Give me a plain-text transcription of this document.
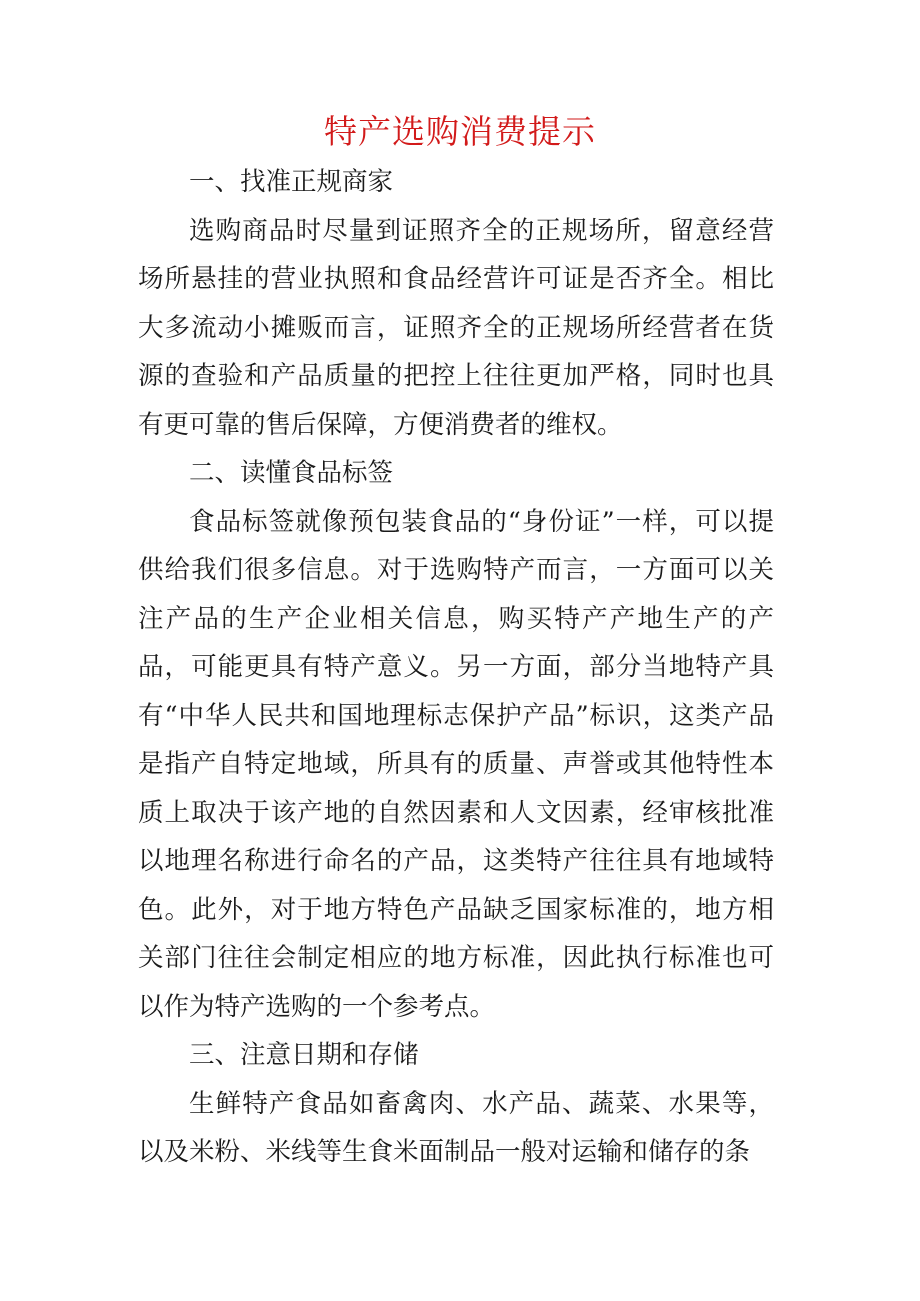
特产选购消费提示

一、找准正规商家

选购商品时尽量到证照齐全的正规场所，留意经营场所悬挂的营业执照和食品经营许可证是否齐全。相比大多流动小摊贩而言，证照齐全的正规场所经营者在货源的查验和产品质量的把控上往往更加严格，同时也具有更可靠的售后保障，方便消费者的维权。

二、读懂食品标签

食品标签就像预包装食品的“身份证”一样，可以提供给我们很多信息。对于选购特产而言，一方面可以关注产品的生产企业相关信息，购买特产产地生产的产品，可能更具有特产意义。另一方面，部分当地特产具有“中华人民共和国地理标志保护产品”标识，这类产品是指产自特定地域，所具有的质量、声誉或其他特性本质上取决于该产地的自然因素和人文因素，经审核批准以地理名称进行命名的产品，这类特产往往具有地域特色。此外，对于地方特色产品缺乏国家标准的，地方相关部门往往会制定相应的地方标准，因此执行标准也可以作为特产选购的一个参考点。

三、注意日期和存储

生鲜特产食品如畜禽肉、水产品、蔬菜、水果等，以及米粉、米线等生食米面制品一般对运输和储存的条
